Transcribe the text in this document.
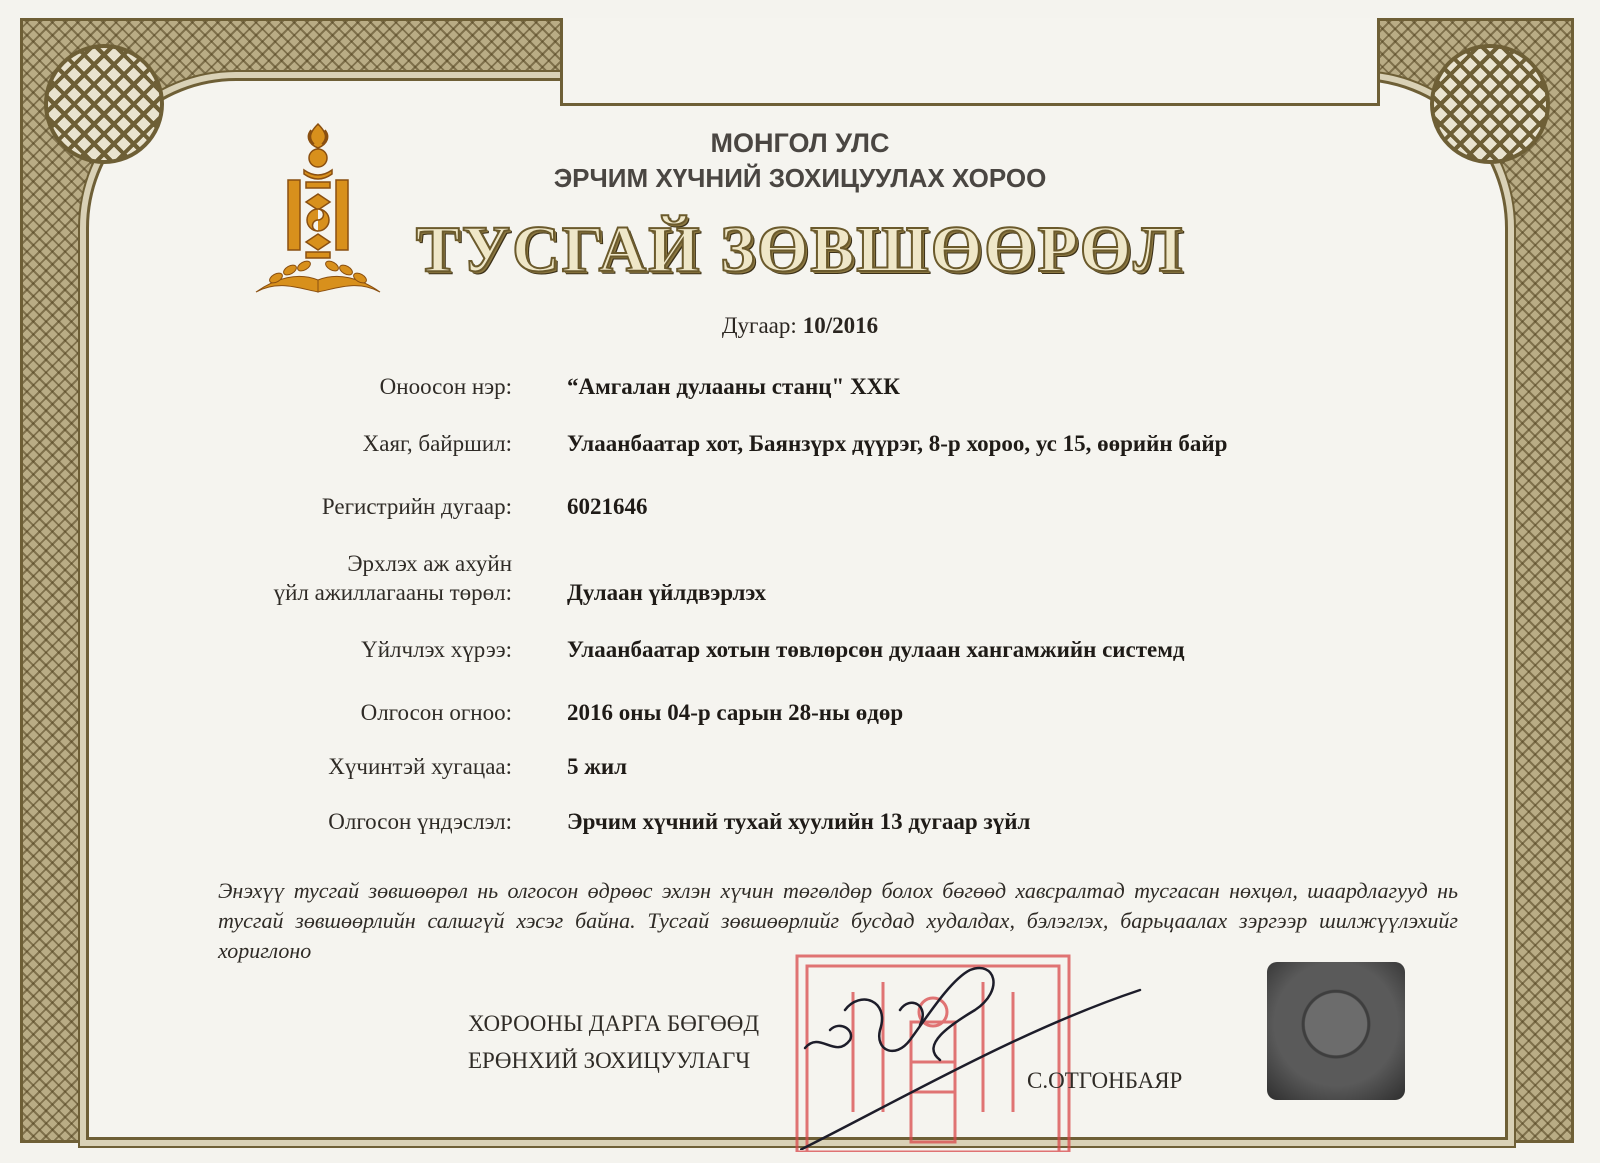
МОНГОЛ УЛС
ЭРЧИМ ХҮЧНИЙ ЗОХИЦУУЛАХ ХОРОО
ТУСГАЙ ЗӨВШӨӨРӨЛ
Дугаар: 10/2016
Оноосон нэр: “Амгалан дулааны станц" ХХК
Хаяг, байршил: Улаанбаатар хот, Баянзүрх дүүрэг, 8-р хороо, ус 15, өөрийн байр
Регистрийн дугаар: 6021646
Эрхлэх аж ахуйн
үйл ажиллагааны төрөл: Дулаан үйлдвэрлэх
Үйлчлэх хүрээ: Улаанбаатар хотын төвлөрсөн дулаан хангамжийн системд
Олгосон огноо: 2016 оны 04-р сарын 28-ны өдөр
Хүчинтэй хугацаа: 5 жил
Олгосон үндэслэл: Эрчим хүчний тухай хуулийн 13 дугаар зүйл
Энэхүү тусгай зөвшөөрөл нь олгосон өдрөөс эхлэн хүчин төгөлдөр болох бөгөөд хавсралтад тусгасан нөхцөл, шаардлагууд нь тусгай зөвшөөрлийн салшгүй хэсэг байна. Тусгай зөвшөөрлийг бусдад худалдах, бэлэглэх, барьцаалах зэргээр шилжүүлэхийг хориглоно
ХОРООНЫ ДАРГА БӨГӨӨД
ЕРӨНХИЙ ЗОХИЦУУЛАГЧ
С.ОТГОНБАЯР
